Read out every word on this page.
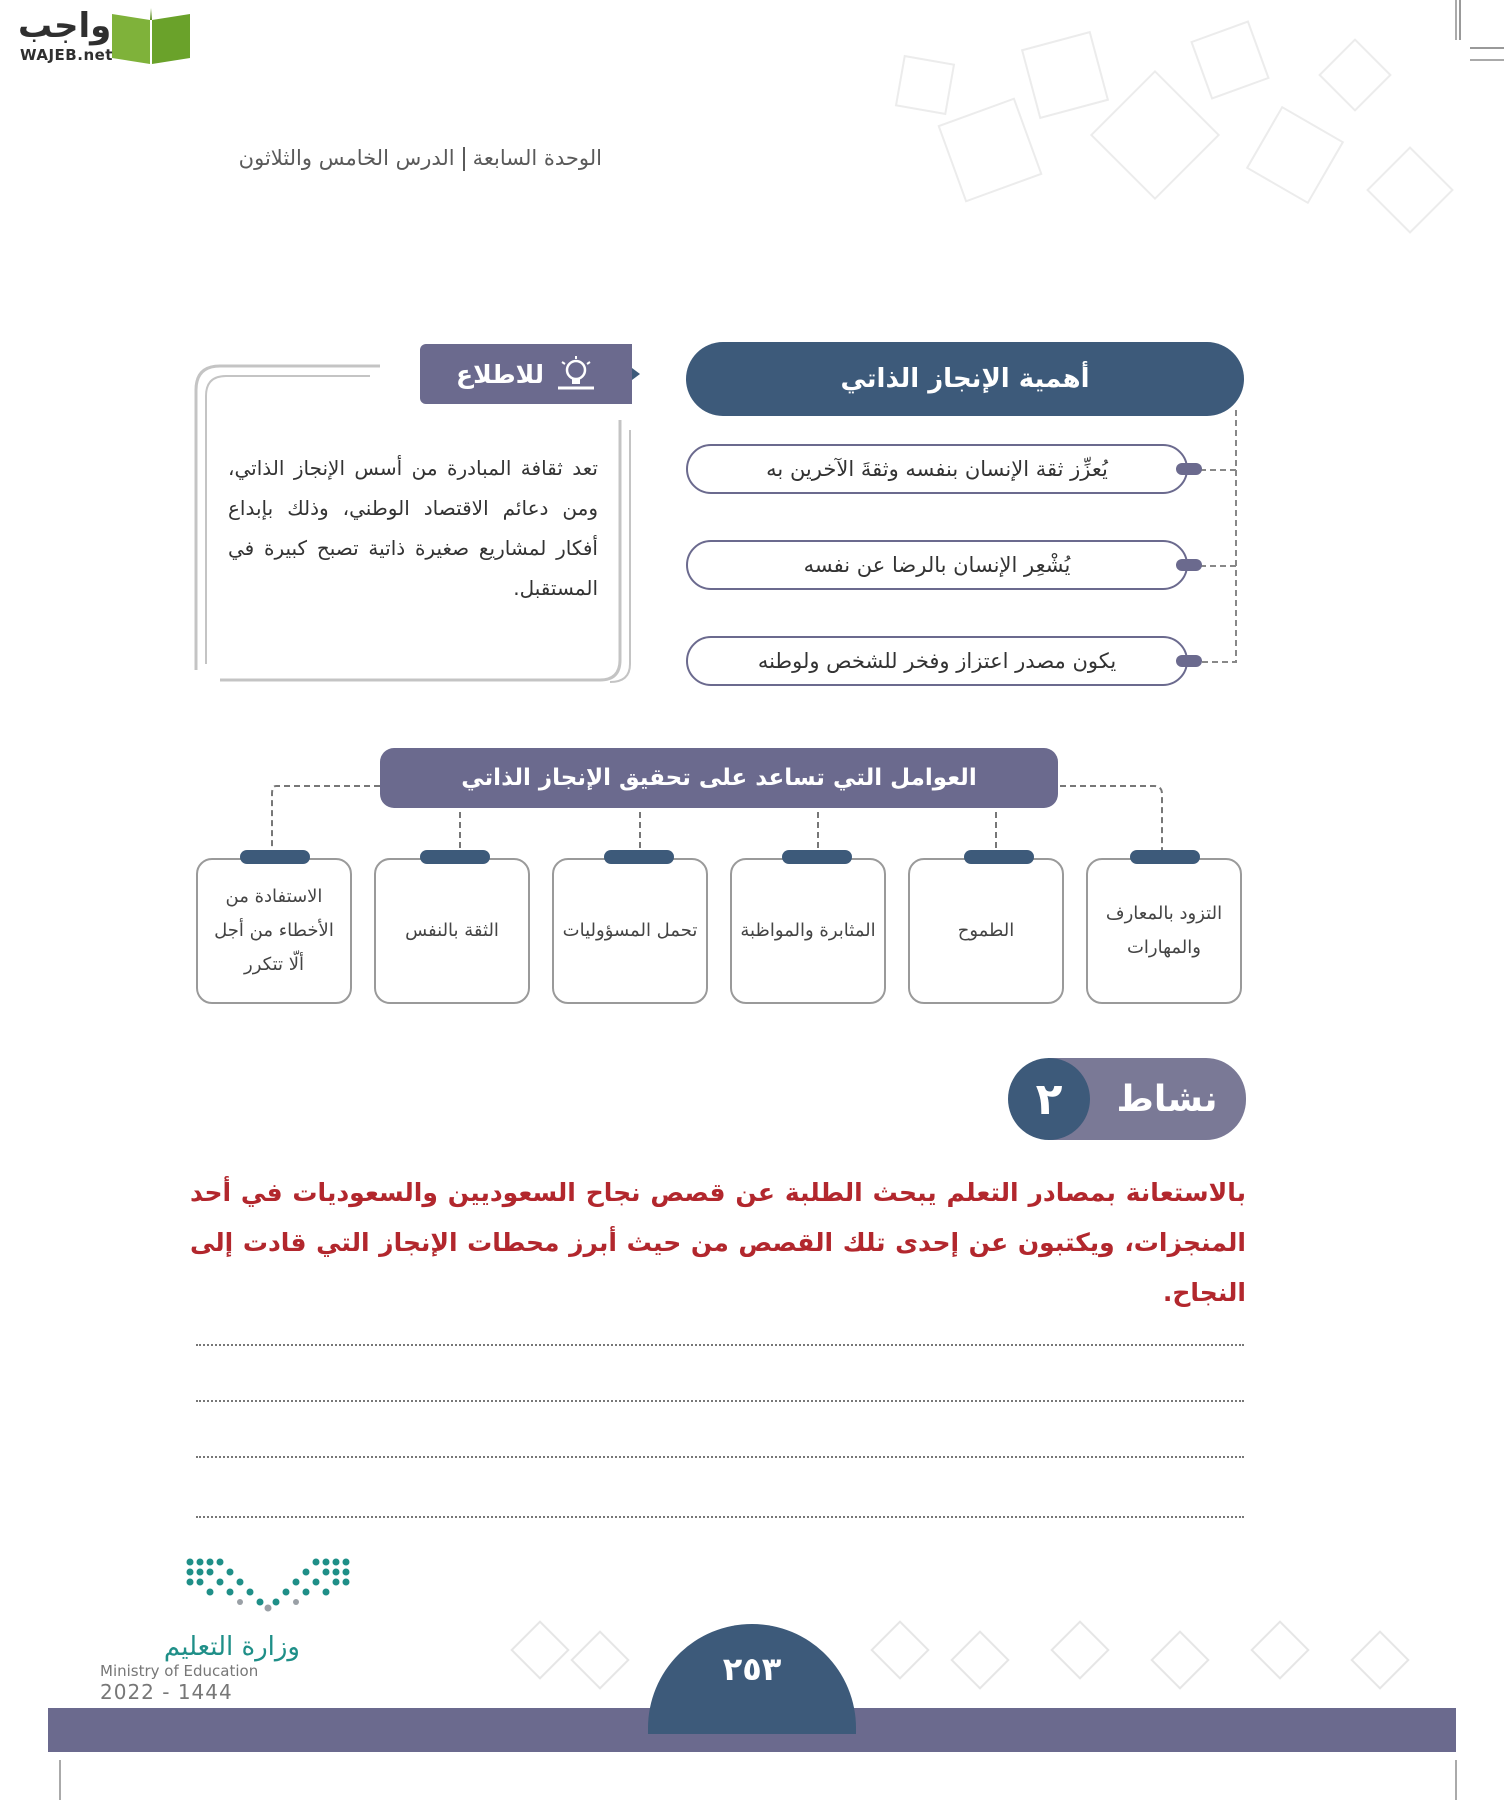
واجب
WAJEB.net
الوحدة السابعةالدرس الخامس والثلاثون
للاطلاع
تعد ثقافة المبادرة من أسس الإنجاز الذاتي، ومن دعائم الاقتصاد الوطني، وذلك بإبداع أفكار لمشاريع صغيرة ذاتية تصبح كبيرة في المستقبل.
أهمية الإنجاز الذاتي
يُعزِّز ثقة الإنسان بنفسه وثقةَ الآخرين به
يُشْعِر الإنسان بالرضا عن نفسه
يكون مصدر اعتزاز وفخر للشخص ولوطنه
العوامل التي تساعد على تحقيق الإنجاز الذاتي
التزود بالمعارف والمهارات
الطموح
المثابرة والمواظبة
تحمل المسؤوليات
الثقة بالنفس
الاستفادة من الأخطاء من أجل ألّا تتكرر
نشاط
٢
بالاستعانة بمصادر التعلم يبحث الطلبة عن قصص نجاح السعوديين والسعوديات في أحد المنجزات، ويكتبون عن إحدى تلك القصص من حيث أبرز محطات الإنجاز التي قادت إلى النجاح.
وزارة التعليم
Ministry of Education
2022 - 1444
٢٥٣
